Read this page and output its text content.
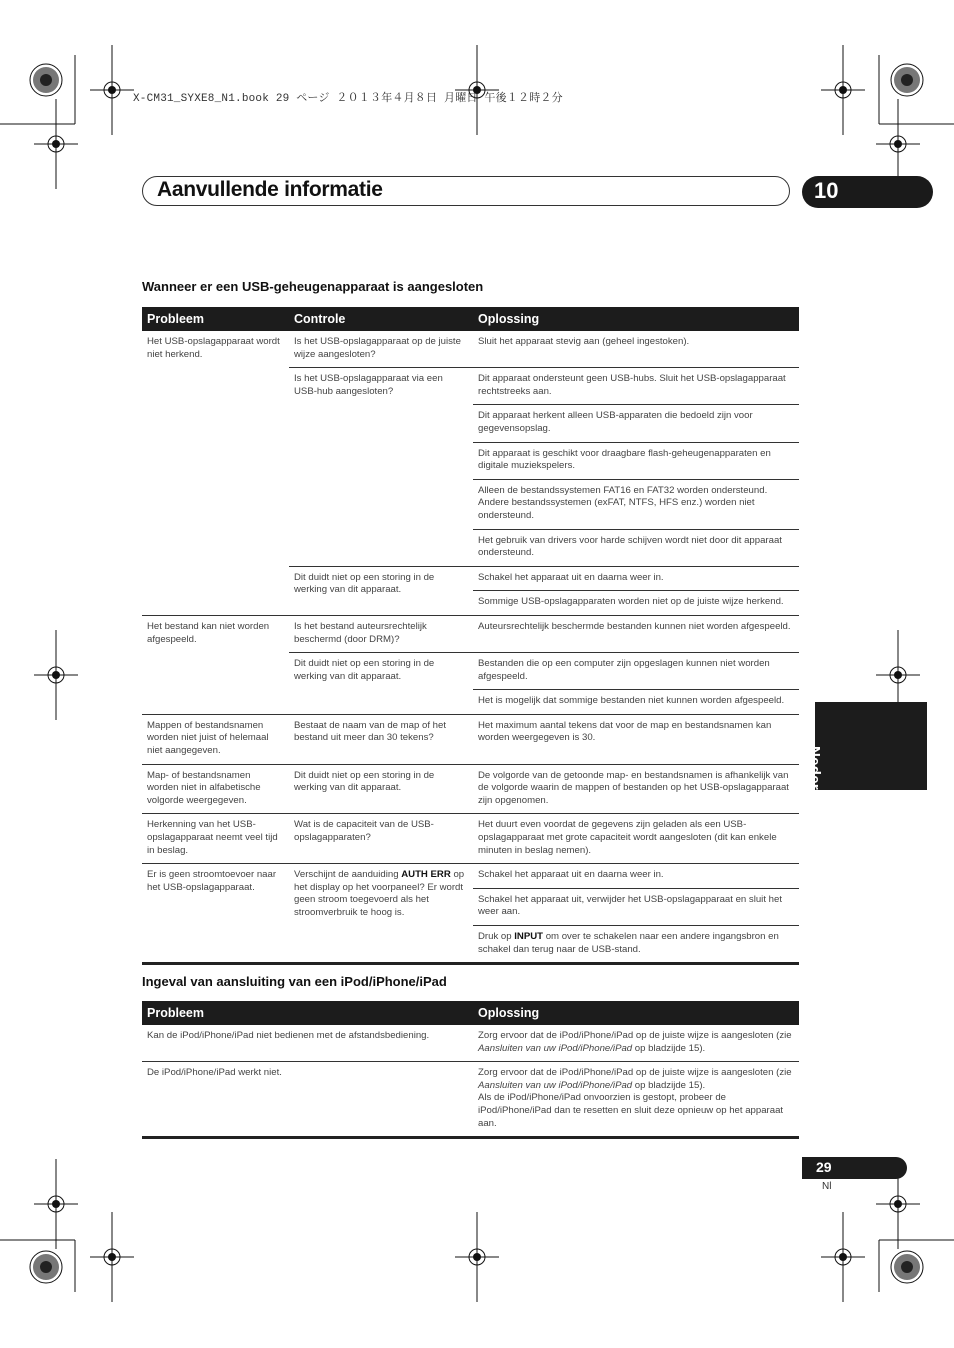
X-CM31_SYXE8_N1.book 29 ページ ２０１３年４月８日 月曜日 午後１２時２分
Aanvullende informatie	10
Nederlands
Wanneer er een USB-geheugenapparaat is aangesloten
Probleem	Controle	Oplossing
Het USB-opslagapparaat wordt niet herkend.	Is het USB-opslagapparaat op de juiste wijze aangesloten?	Sluit het apparaat stevig aan (geheel ingestoken).
	Is het USB-opslagapparaat via een USB-hub aangesloten?	Dit apparaat ondersteunt geen USB-hubs. Sluit het USB-opslagapparaat rechtstreeks aan.
		Dit apparaat herkent alleen USB-apparaten die bedoeld zijn voor gegevensopslag.
		Dit apparaat is geschikt voor draagbare flash-geheugenapparaten en digitale muziekspelers.
		Alleen de bestandssystemen FAT16 en FAT32 worden ondersteund. Andere bestandssystemen (exFAT, NTFS, HFS enz.) worden niet ondersteund.
		Het gebruik van drivers voor harde schijven wordt niet door dit apparaat ondersteund.
	Dit duidt niet op een storing in de werking van dit apparaat.	Schakel het apparaat uit en daarna weer in.
		Sommige USB-opslagapparaten worden niet op de juiste wijze herkend.
Het bestand kan niet worden afgespeeld.	Is het bestand auteursrechtelijk beschermd (door DRM)?	Auteursrechtelijk beschermde bestanden kunnen niet worden afgespeeld.
	Dit duidt niet op een storing in de werking van dit apparaat.	Bestanden die op een computer zijn opgeslagen kunnen niet worden afgespeeld.
		Het is mogelijk dat sommige bestanden niet kunnen worden afgespeeld.
Mappen of bestandsnamen worden niet juist of helemaal niet aangegeven.	Bestaat de naam van de map of het bestand uit meer dan 30 tekens?	Het maximum aantal tekens dat voor de map en bestandsnamen kan worden weergegeven is 30.
Map- of bestandsnamen worden niet in alfabetische volgorde weergegeven.	Dit duidt niet op een storing in de werking van dit apparaat.	De volgorde van de getoonde map- en bestandsnamen is afhankelijk van de volgorde waarin de mappen of bestanden op het USB-opslagapparaat zijn opgenomen.
Herkenning van het USB-opslagapparaat neemt veel tijd in beslag.	Wat is de capaciteit van de USB-opslagapparaten?	Het duurt even voordat de gegevens zijn geladen als een USB-opslagapparaat met grote capaciteit wordt aangesloten (dit kan enkele minuten in beslag nemen).
Er is geen stroomtoevoer naar het USB-opslagapparaat.	Verschijnt de aanduiding AUTH ERR op het display op het voorpaneel? Er wordt geen stroom toegevoerd als het stroomverbruik te hoog is.	Schakel het apparaat uit en daarna weer in.
		Schakel het apparaat uit, verwijder het USB-opslagapparaat en sluit het weer aan.
		Druk op INPUT om over te schakelen naar een andere ingangsbron en schakel dan terug naar de USB-stand.
Ingeval van aansluiting van een iPod/iPhone/iPad
Probleem	Oplossing
Kan de iPod/iPhone/iPad niet bedienen met de afstandsbediening.	Zorg ervoor dat de iPod/iPhone/iPad op de juiste wijze is aangesloten (zie Aansluiten van uw iPod/iPhone/iPad op bladzijde 15).
De iPod/iPhone/iPad werkt niet.	Zorg ervoor dat de iPod/iPhone/iPad op de juiste wijze is aangesloten (zie Aansluiten van uw iPod/iPhone/iPad op bladzijde 15).
Als de iPod/iPhone/iPad onvoorzien is gestopt, probeer de iPod/iPhone/iPad dan te resetten en sluit deze opnieuw op het apparaat aan.
29
Nl
